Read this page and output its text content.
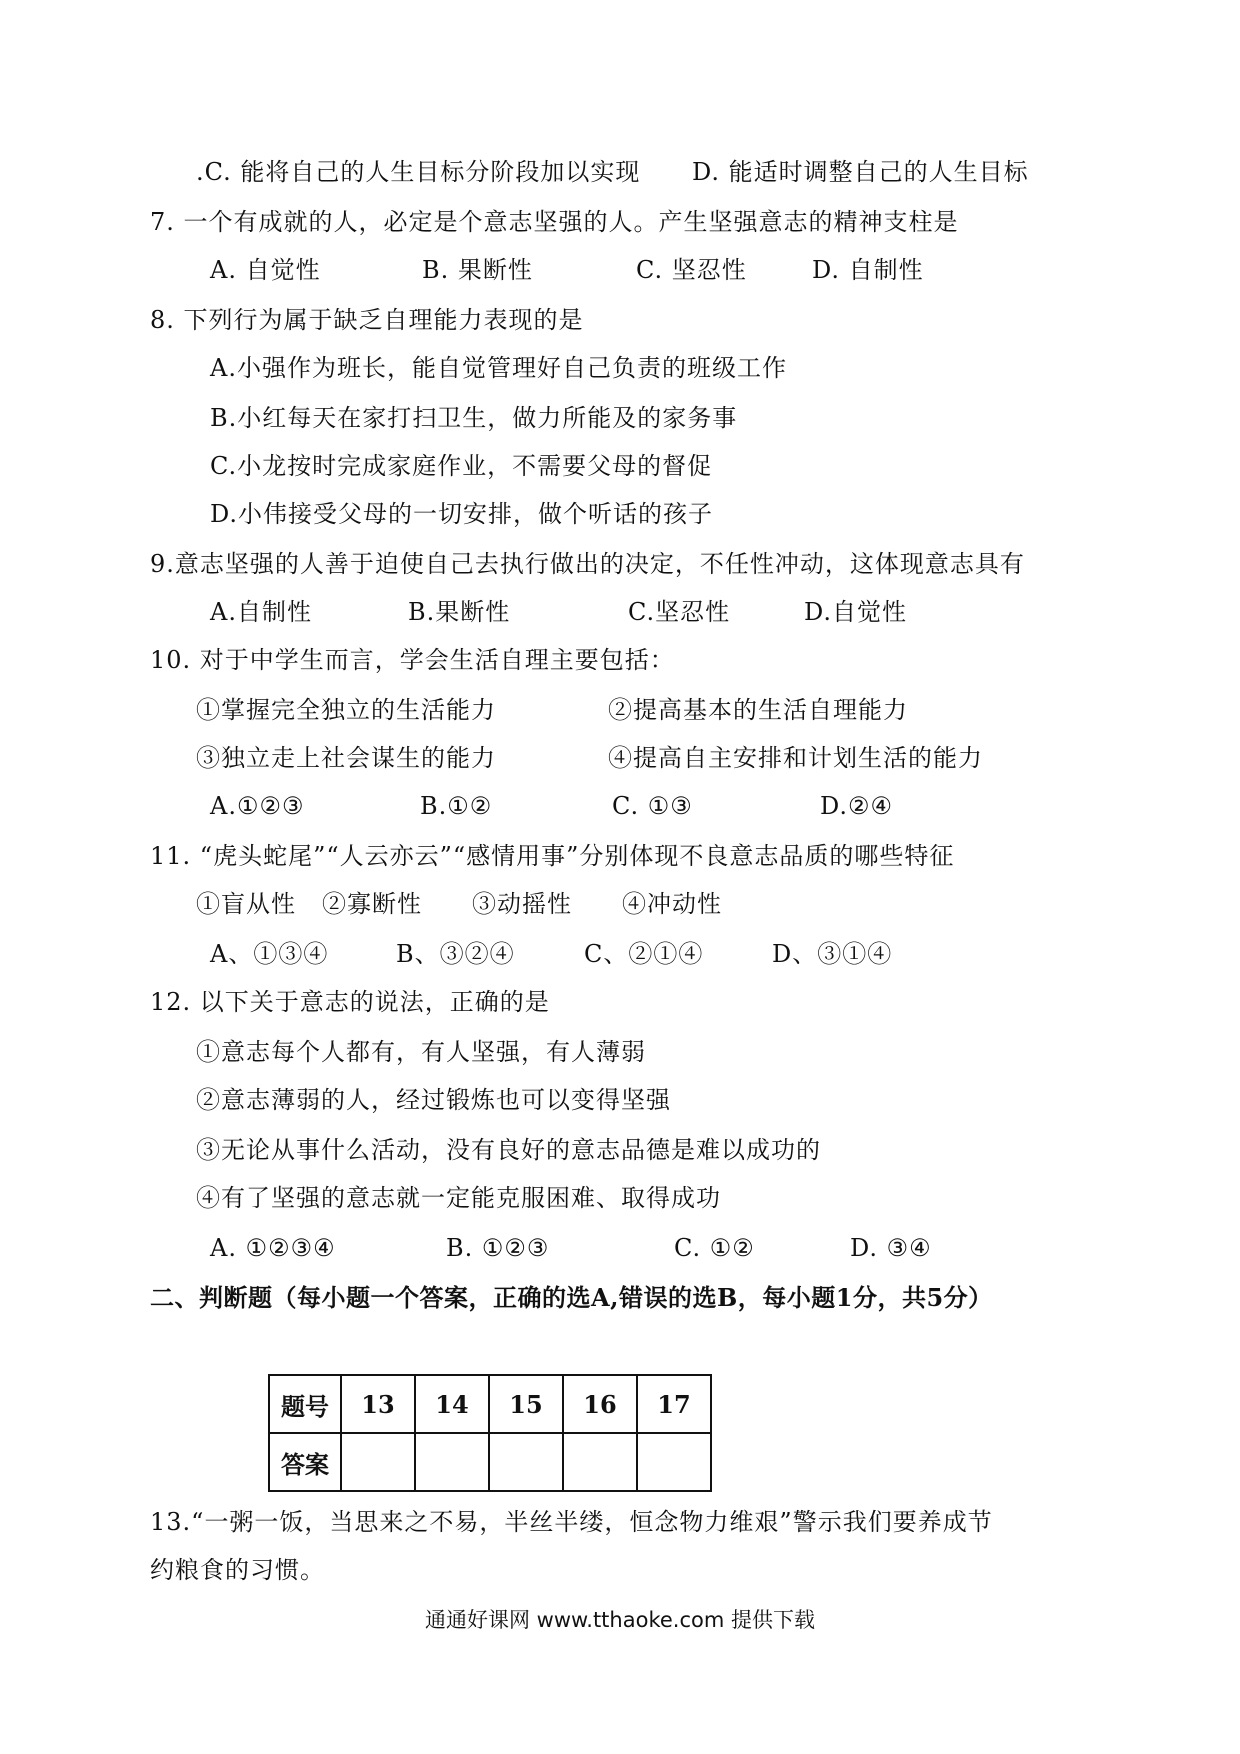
.C. 能将自己的人生目标分阶段加以实现 D. 能适时调整自己的人生目标
7. 一个有成就的人，必定是个意志坚强的人。产生坚强意志的精神支柱是
A. 自觉性	B. 果断性	C. 坚忍性	D. 自制性
8. 下列行为属于缺乏自理能力表现的是
A.小强作为班长，能自觉管理好自己负责的班级工作
B.小红每天在家打扫卫生，做力所能及的家务事
C.小龙按时完成家庭作业，不需要父母的督促
D.小伟接受父母的一切安排，做个听话的孩子
9.意志坚强的人善于迫使自己去执行做出的决定，不任性冲动，这体现意志具有
A.自制性	B.果断性	C.坚忍性	D.自觉性
10. 对于中学生而言，学会生活自理主要包括：
①掌握完全独立的生活能力	②提高基本的生活自理能力
③独立走上社会谋生的能力	④提高自主安排和计划生活的能力
A.①②③	B.①②	C. ①③	D.②④
11. “虎头蛇尾”“人云亦云”“感情用事”分别体现不良意志品质的哪些特征
①盲从性 ②寡断性 ③动摇性 ④冲动性
A、①③④	B、③②④	C、②①④	D、③①④
12. 以下关于意志的说法，正确的是
①意志每个人都有，有人坚强，有人薄弱
②意志薄弱的人，经过锻炼也可以变得坚强
③无论从事什么活动，没有良好的意志品德是难以成功的
④有了坚强的意志就一定能克服困难、取得成功
A. ①②③④	B. ①②③	C. ①②	D. ③④
二、判断题（每小题一个答案，正确的选A,错误的选B，每小题1分，共5分）
题号	13	14	15	16	17
答案					
13.“一粥一饭，当思来之不易，半丝半缕，恒念物力维艰”警示我们要养成节
约粮食的习惯。
通通好课网 www.tthaoke.com 提供下载
